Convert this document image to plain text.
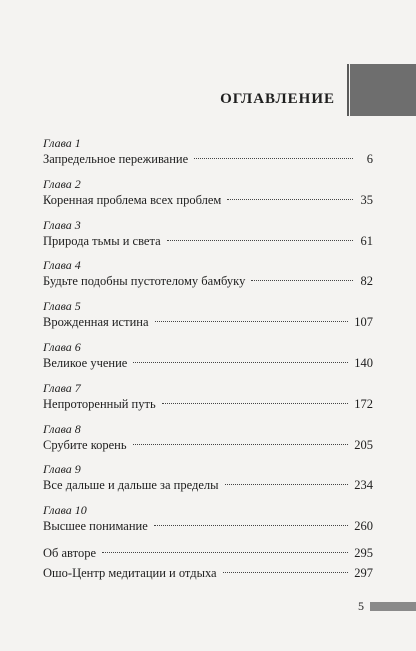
ОГЛАВЛЕНИЕ
Глава 1
Запредельное переживание	6
Глава 2
Коренная проблема всех проблем	35
Глава 3
Природа тьмы и света	61
Глава 4
Будьте подобны пустотелому бамбуку	82
Глава 5
Врожденная истина	107
Глава 6
Великое учение	140
Глава 7
Непроторенный путь	172
Глава 8
Срубите корень	205
Глава 9
Все дальше и дальше за пределы	234
Глава 10
Высшее понимание	260
Об авторе	295
Ошо-Центр медитации и отдыха	297
5
